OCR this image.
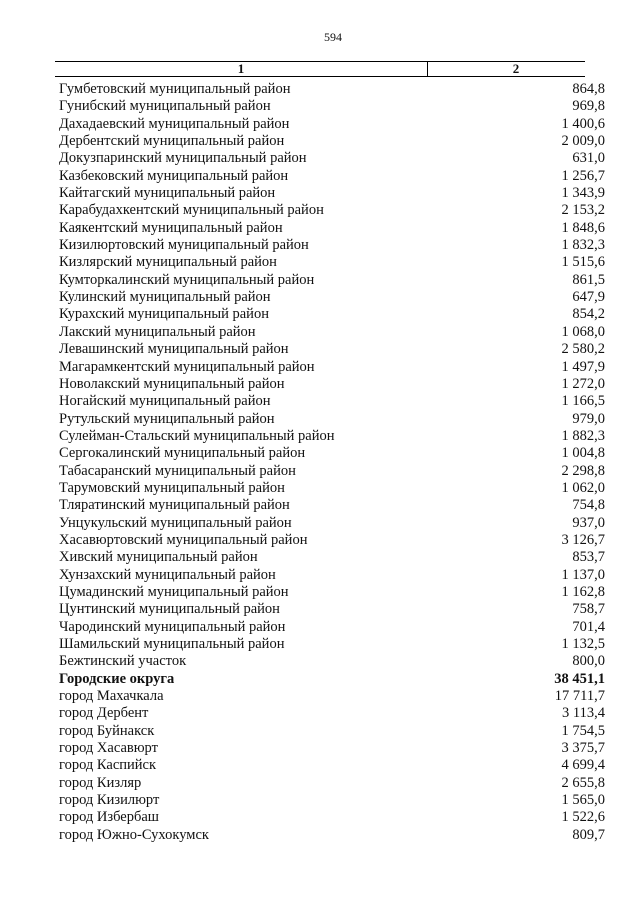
594
1	2
Гумбетовский муниципальный район	864,8
Гунибский муниципальный район	969,8
Дахадаевский муниципальный район	1 400,6
Дербентский муниципальный район	2 009,0
Докузпаринский муниципальный район	631,0
Казбековский муниципальный район	1 256,7
Кайтагский муниципальный район	1 343,9
Карабудахкентский муниципальный район	2 153,2
Каякентский муниципальный район	1 848,6
Кизилюртовский муниципальный район	1 832,3
Кизлярский муниципальный район	1 515,6
Кумторкалинский муниципальный район	861,5
Кулинский муниципальный район	647,9
Курахский муниципальный район	854,2
Лакский муниципальный район	1 068,0
Левашинский муниципальный район	2 580,2
Магарамкентский муниципальный район	1 497,9
Новолакский муниципальный район	1 272,0
Ногайский муниципальный район	1 166,5
Рутульский муниципальный район	979,0
Сулейман-Стальский муниципальный район	1 882,3
Сергокалинский муниципальный район	1 004,8
Табасаранский муниципальный район	2 298,8
Тарумовский муниципальный район	1 062,0
Тляратинский муниципальный район	754,8
Унцукульский муниципальный район	937,0
Хасавюртовский муниципальный район	3 126,7
Хивский муниципальный район	853,7
Хунзахский муниципальный район	1 137,0
Цумадинский муниципальный район	1 162,8
Цунтинский муниципальный район	758,7
Чародинский муниципальный район	701,4
Шамильский муниципальный район	1 132,5
Бежтинский участок	800,0
Городские округа	38 451,1
город Махачкала	17 711,7
город Дербент	3 113,4
город Буйнакск	1 754,5
город Хасавюрт	3 375,7
город Каспийск	4 699,4
город Кизляр	2 655,8
город Кизилюрт	1 565,0
город Избербаш	1 522,6
город Южно-Сухокумск	809,7
